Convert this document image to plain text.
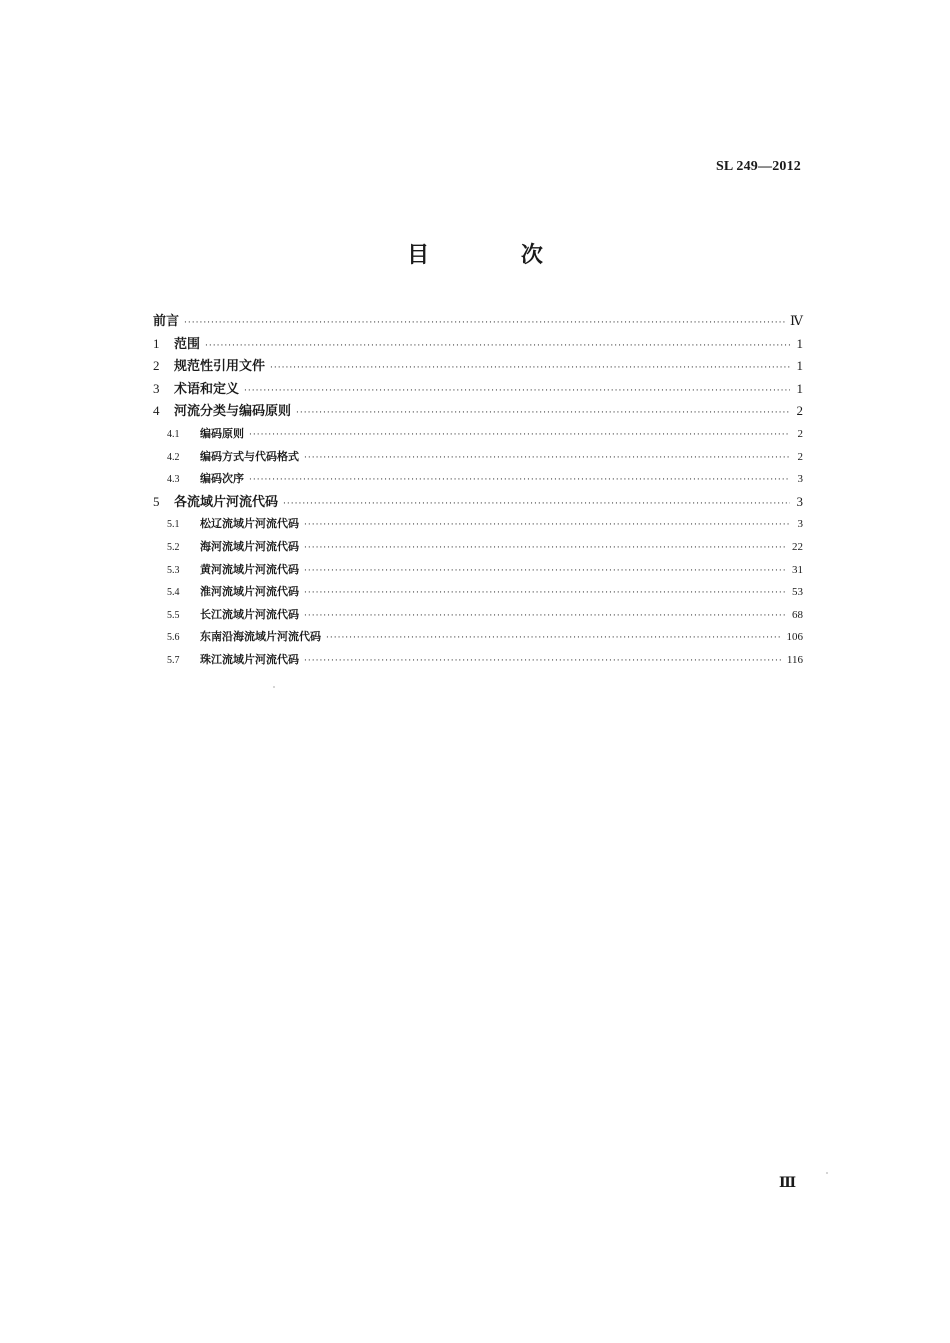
SL 249—2012
目 次
前言 ·····	Ⅳ
1	范围 ·····	1
2	规范性引用文件 ·····	1
3	术语和定义 ·····	1
4	河流分类与编码原则 ·····	2
4.1	编码原则 ·····	2
4.2	编码方式与代码格式 ·····	2
4.3	编码次序 ·····	3
5	各流域片河流代码 ·····	3
5.1	松辽流域片河流代码 ·····	3
5.2	海河流域片河流代码 ·····	22
5.3	黄河流域片河流代码 ·····	31
5.4	淮河流域片河流代码 ·····	53
5.5	长江流域片河流代码 ·····	68
5.6	东南沿海流域片河流代码 ·····	106
5.7	珠江流域片河流代码 ·····	116
Ⅲ
